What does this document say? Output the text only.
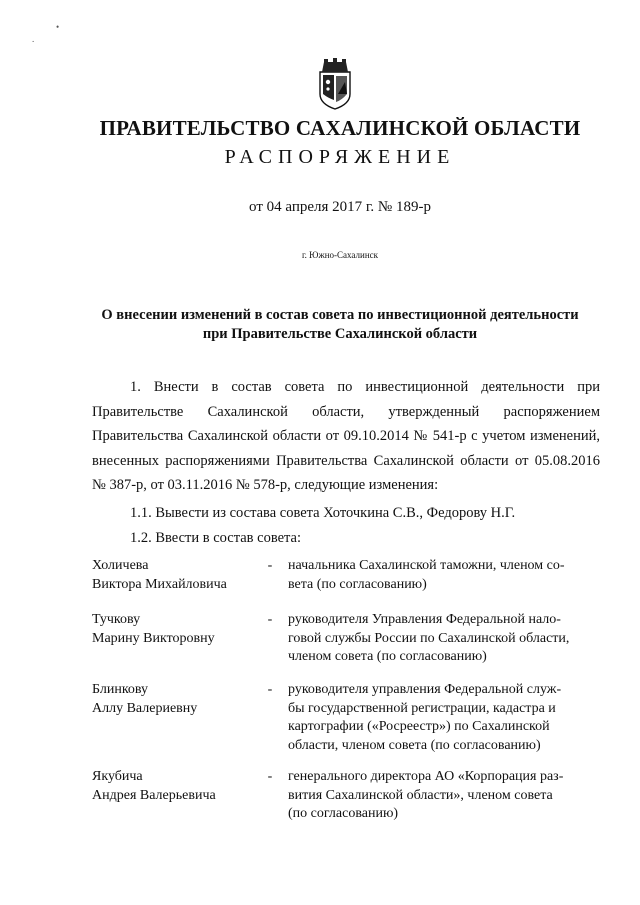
.
•
ПРАВИТЕЛЬСТВО САХАЛИНСКОЙ ОБЛАСТИ
РАСПОРЯЖЕНИЕ
от 04 апреля 2017 г. № 189-р
г. Южно-Сахалинск
О внесении изменений в состав совета по инвестиционной деятельности
при Правительстве Сахалинской области

1. Внести в состав совета по инвестиционной деятельности при Правительстве Сахалинской области, утвержденный распоряжением Правительства Сахалинской области от 09.10.2014 № 541-р с учетом изменений, внесенных распоряжениями Правительства Сахалинской области от 05.08.2016 № 387-р, от 03.11.2016 № 578-р, следующие изменения:

1.1. Вывести из состава совета Хоточкина С.В., Федорову Н.Г.
1.2. Ввести в состав совета:
Холичева
Виктора Михайловича
- начальника Сахалинской таможни, членом со-
вета (по согласованию)
Тучкову
Марину Викторовну
- руководителя Управления Федеральной нало-
говой службы России по Сахалинской области,
членом совета (по согласованию)
Блинкову
Аллу Валериевну
- руководителя управления Федеральной служ-
бы государственной регистрации, кадастра и
картографии («Росреестр») по Сахалинской
области, членом совета (по согласованию)
Якубича
Андрея Валерьевича
- генерального директора АО «Корпорация раз-
вития Сахалинской области», членом совета
(по согласованию)
